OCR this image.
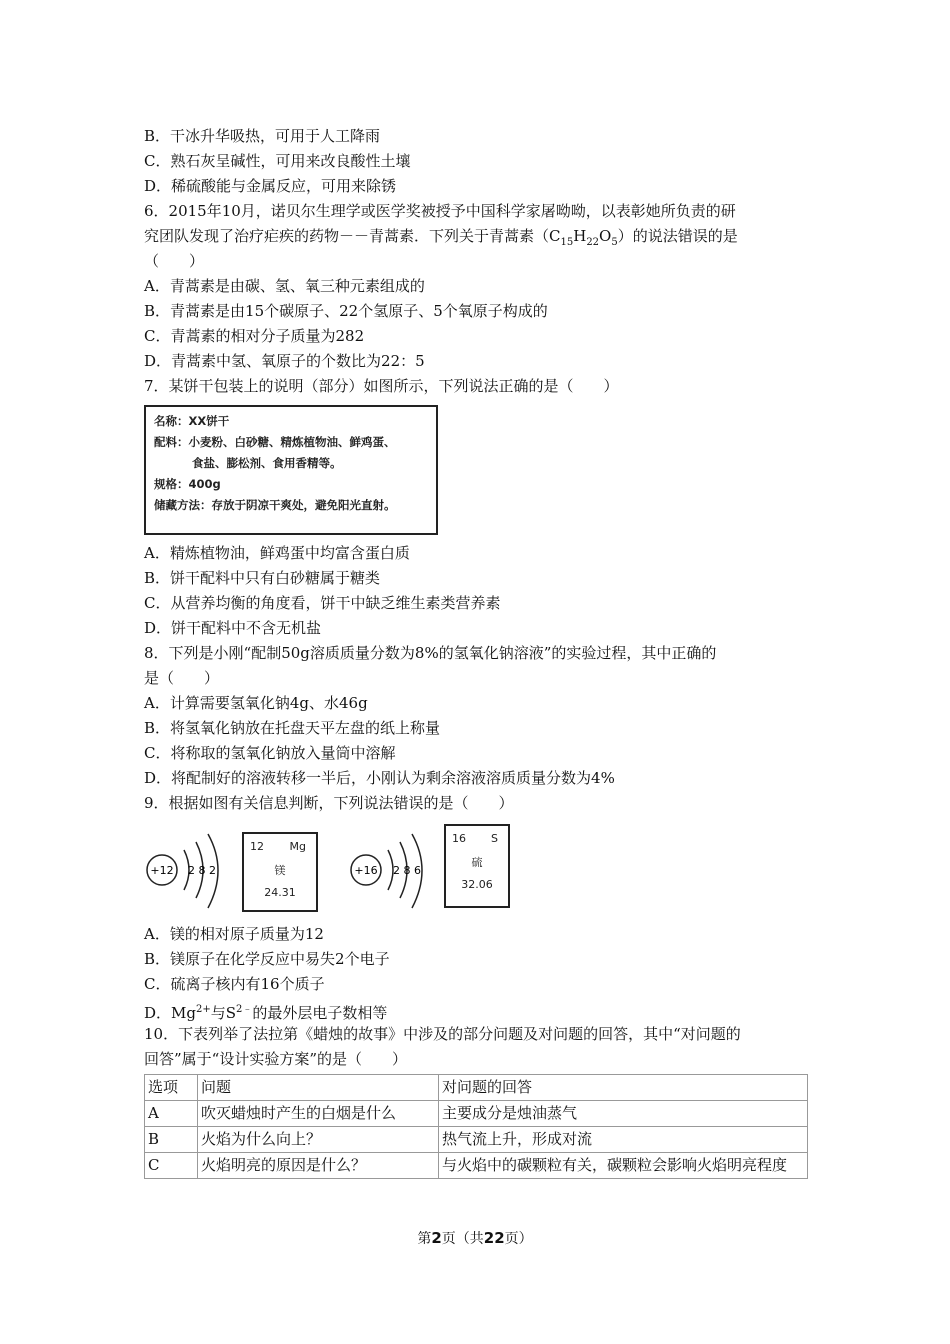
B．干冰升华吸热，可用于人工降雨
C．熟石灰呈碱性，可用来改良酸性土壤
D．稀硫酸能与金属反应，可用来除锈
6．2015年10月，诺贝尔生理学或医学奖被授予中国科学家屠呦呦，以表彰她所负责的研
究团队发现了治疗疟疾的药物－－青蒿素．下列关于青蒿素$(C_{15}H_{22}O_5)$的说法错误的是
（　　）
A．青蒿素是由碳、氢、氧三种元素组成的
B．青蒿素是由15个碳原子、22个氢原子、5个氧原子构成的
C．青蒿素的相对分子质量为282
D．青蒿素中氢、氧原子的个数比为22：5
7．某饼干包装上的说明（部分）如图所示，下列说法正确的是（　　）
名称：XX饼干
配料：小麦粉、白砂糖、精炼植物油、鲜鸡蛋、
食盐、膨松剂、食用香精等。
规格：400g
储藏方法：存放于阴凉干爽处，避免阳光直射。
A．精炼植物油，鲜鸡蛋中均富含蛋白质
B．饼干配料中只有白砂糖属于糖类
C．从营养均衡的角度看，饼干中缺乏维生素类营养素
D．饼干配料中不含无机盐
8．下列是小刚“配制50g溶质质量分数为8%的氢氧化钠溶液”的实验过程，其中正确的
是（　　）
A．计算需要氢氧化钠4g、水46g
B．将氢氧化钠放在托盘天平左盘的纸上称量
C．将称取的氢氧化钠放入量筒中溶解
D．将配制好的溶液转移一半后，小刚认为剩余溶液溶质质量分数为4%
9．根据如图有关信息判断，下列说法错误的是（　　）
+12 2 8 2	+16 2 8 6
12 Mg
镁
24.31
16 S
硫
32.06
A．镁的相对原子质量为12
B．镁原子在化学反应中易失2个电子
C．硫离子核内有16个质子
D．$Mg^{2+}$与$S^{2﹣}$的最外层电子数相等
10．下表列举了法拉第《蜡烛的故事》中涉及的部分问题及对问题的回答，其中“对问题的
回答”属于“设计实验方案”的是（　　）
选项	问题	对问题的回答
A	吹灭蜡烛时产生的白烟是什么	主要成分是烛油蒸气
B	火焰为什么向上？	热气流上升，形成对流
C	火焰明亮的原因是什么？	与火焰中的碳颗粒有关，碳颗粒会影响火焰明亮程度
第2页（共22页）
